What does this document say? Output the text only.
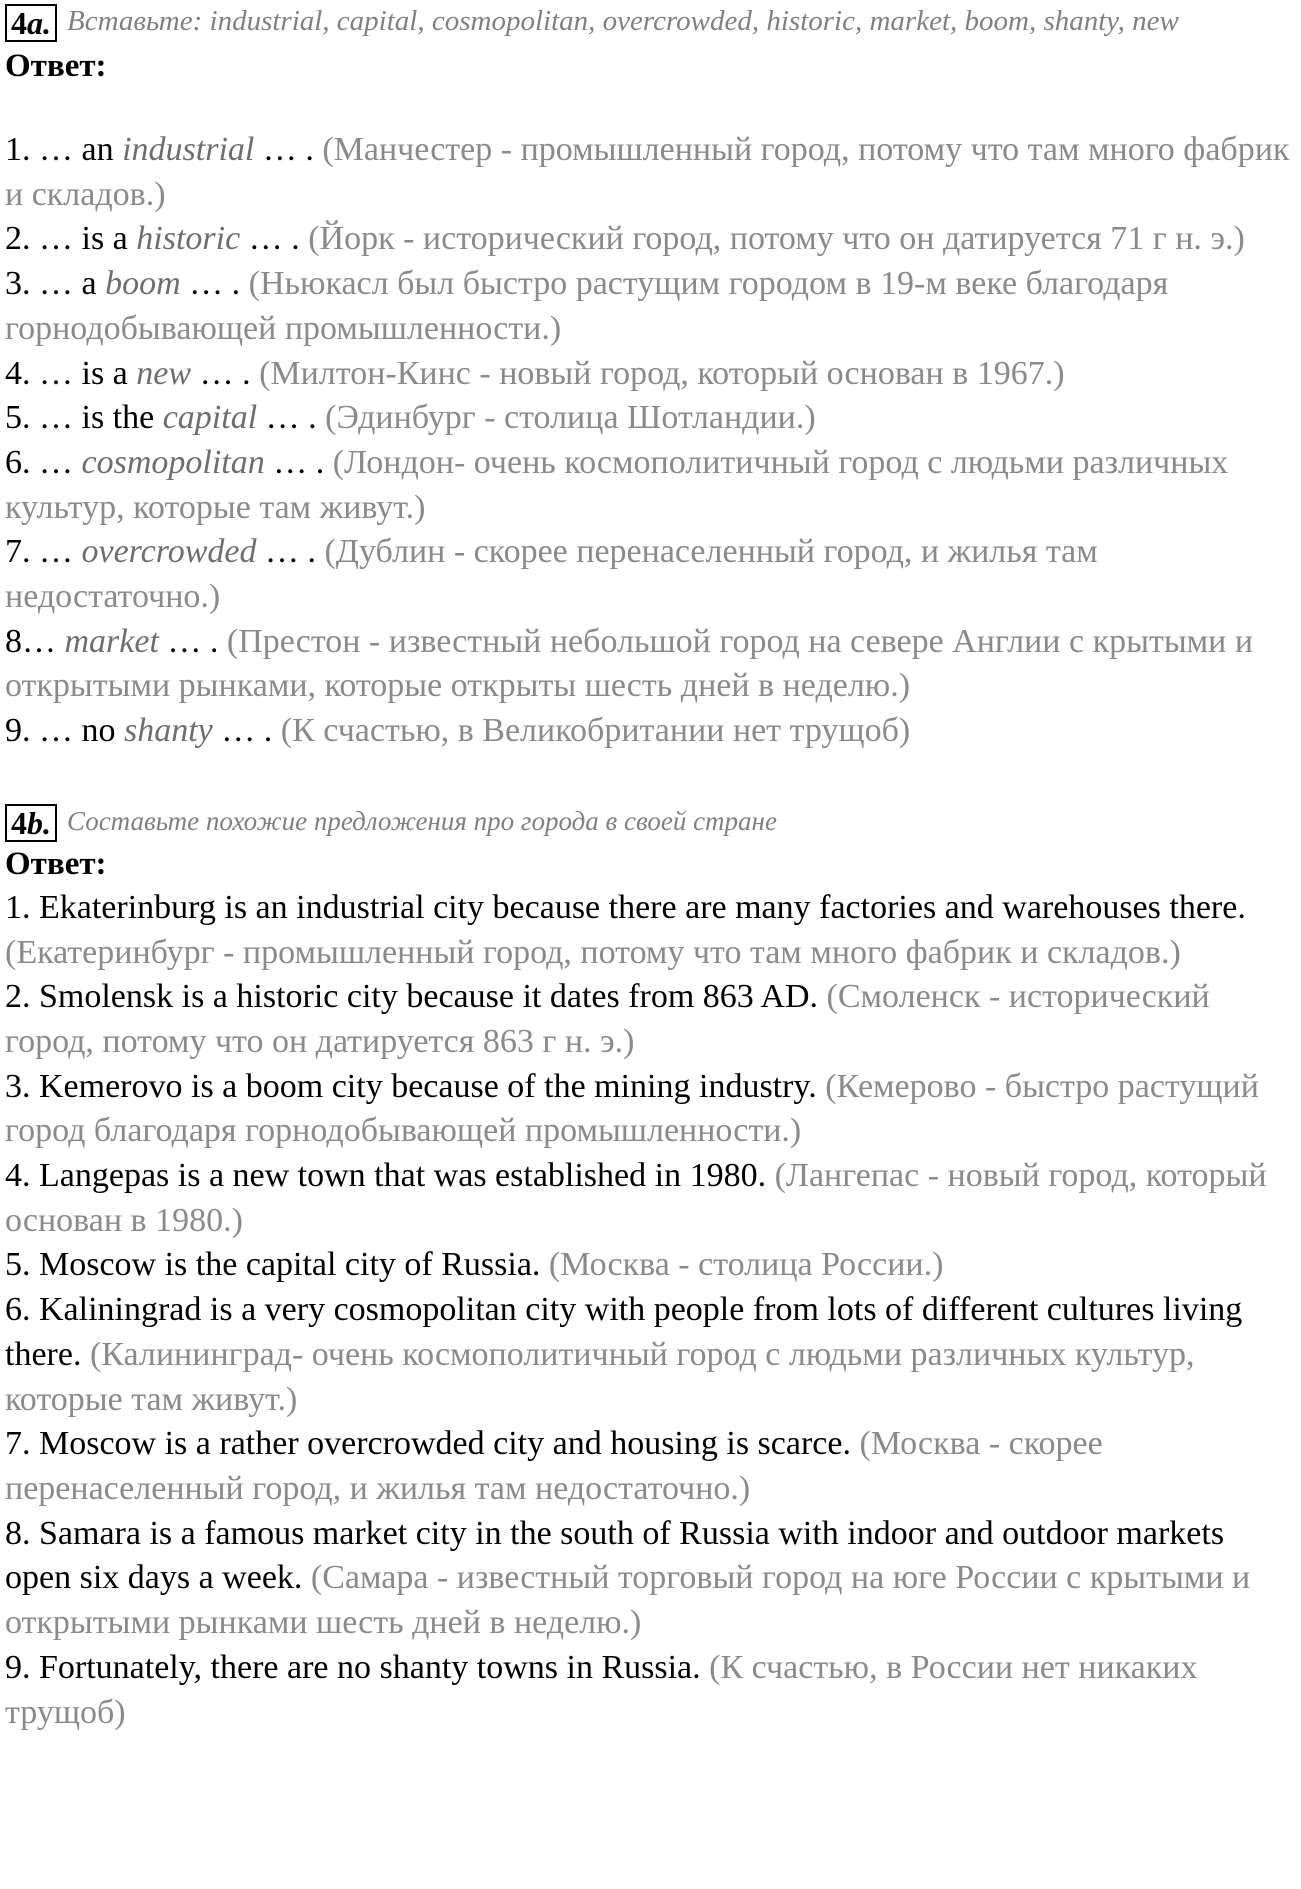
4a. Вставьте: industrial, capital, cosmopolitan, overcrowded, historic, market, boom, shanty, new
Ответ:
1. … an industrial … . (Манчестер - промышленный город, потому что там много фабрик и складов.)
2. … is a historic … . (Йорк - исторический город, потому что он датируется 71 г н. э.)
3. … a boom … . (Ньюкасл был быстро растущим городом в 19-м веке благодаря горнодобывающей промышленности.)
4. … is a new … . (Милтон-Кинс - новый город, который основан в 1967.)
5. … is the capital … . (Эдинбург - столица Шотландии.)
6. … cosmopolitan … . (Лондон- очень космополитичный город с людьми различных культур, которые там живут.)
7. … overcrowded … . (Дублин - скорее перенаселенный город, и жилья там недостаточно.)
8… market … . (Престон - известный небольшой город на севере Англии с крытыми и открытыми рынками, которые открыты шесть дней в неделю.)
9. … no shanty … . (К счастью, в Великобритании нет трущоб)
4b. Составьте похожие предложения про города в своей стране
Ответ:
1. Ekaterinburg is an industrial city because there are many factories and warehouses there. (Екатеринбург - промышленный город, потому что там много фабрик и складов.)
2. Smolensk is a historic city because it dates from 863 AD. (Смоленск - исторический город, потому что он датируется 863 г н. э.)
3. Kemerovo is a boom city because of the mining industry. (Кемерово - быстро растущий город благодаря горнодобывающей промышленности.)
4. Langepas is a new town that was established in 1980. (Лангепас - новый город, который основан в 1980.)
5. Moscow is the capital city of Russia. (Москва - столица России.)
6. Kaliningrad is a very cosmopolitan city with people from lots of different cultures living there. (Калининград- очень космополитичный город с людьми различных культур, которые там живут.)
7. Moscow is a rather overcrowded city and housing is scarce. (Москва - скорее перенаселенный город, и жилья там недостаточно.)
8. Samara is a famous market city in the south of Russia with indoor and outdoor markets open six days a week. (Самара - известный торговый город на юге России с крытыми и открытыми рынками шесть дней в неделю.)
9. Fortunately, there are no shanty towns in Russia. (К счастью, в России нет никаких трущоб)
